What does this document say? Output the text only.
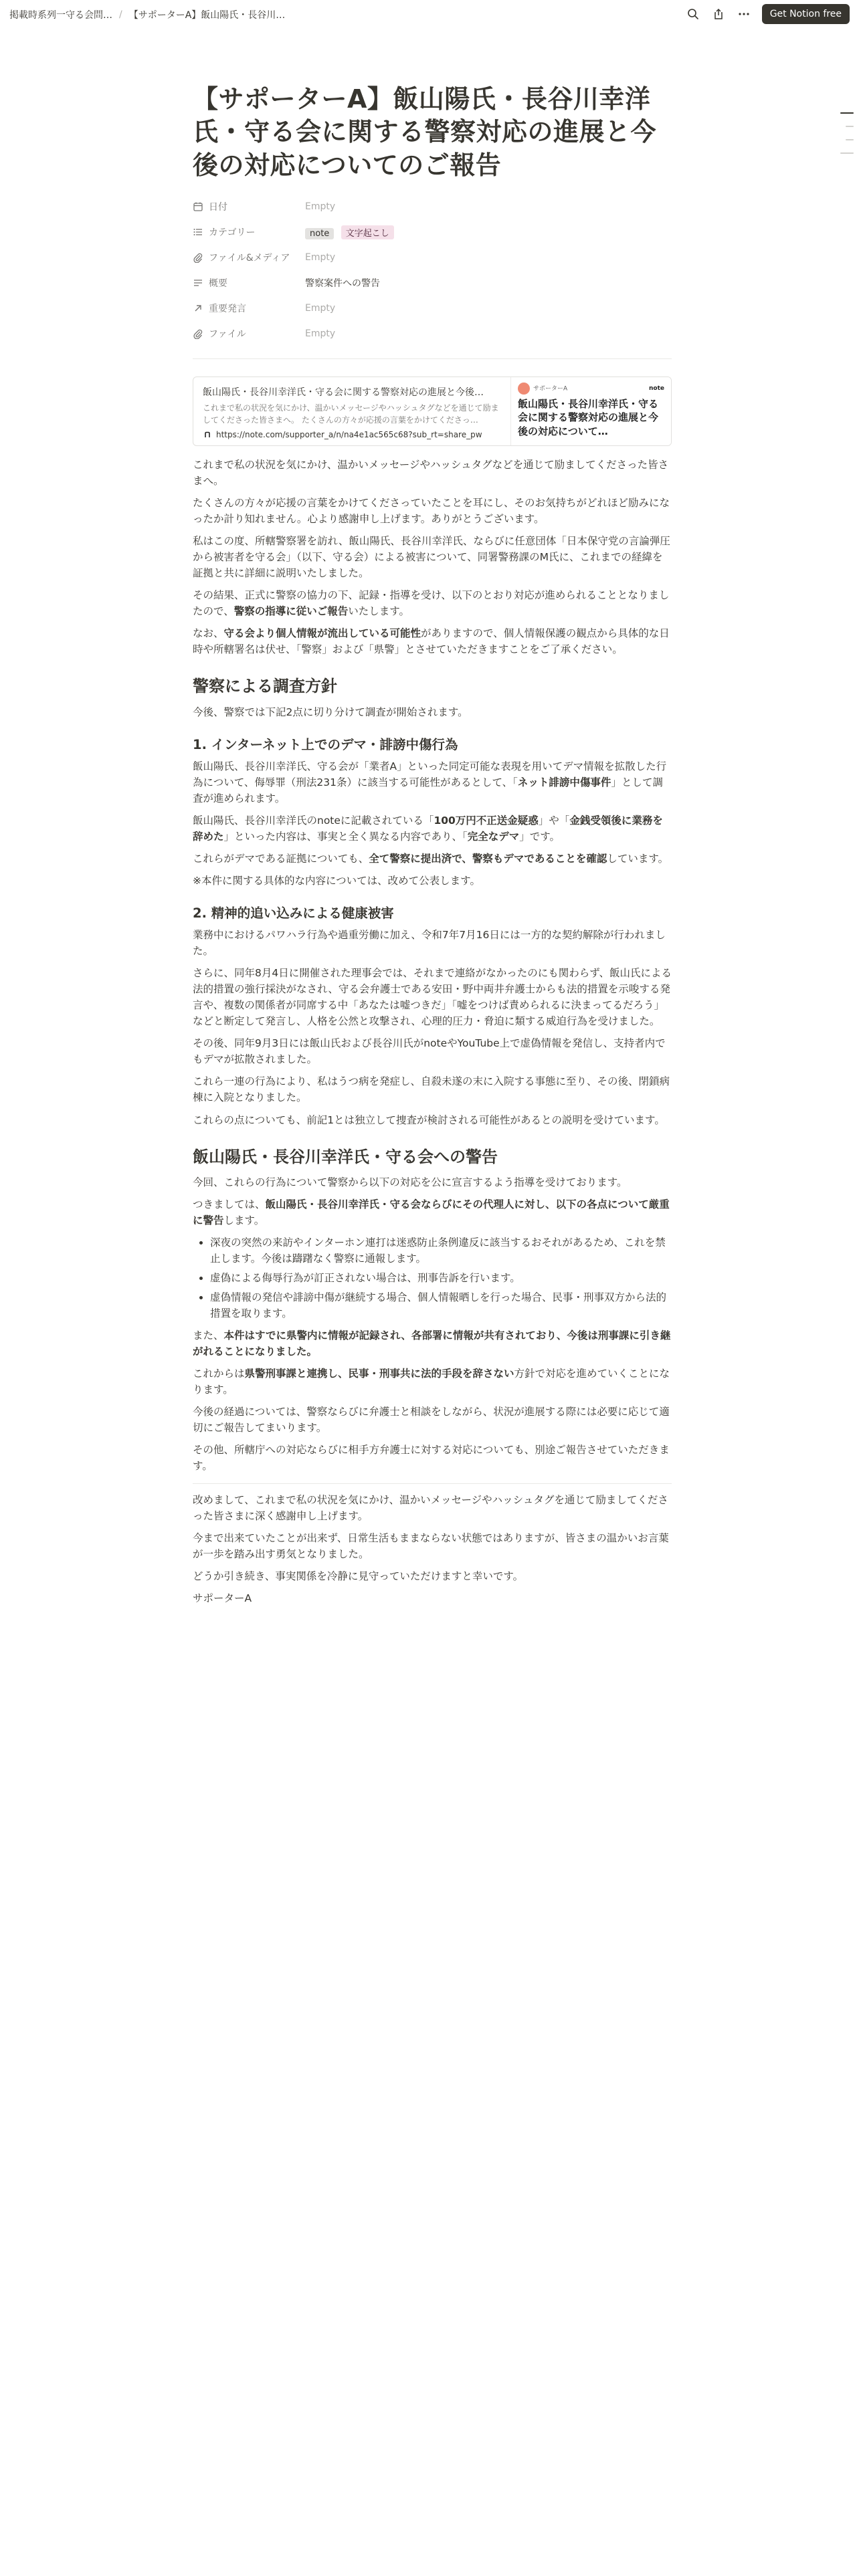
掲載時系列一守る会問… / 【サポーターA】飯山陽氏・長谷川…	Get Notion free
【サポーターA】飯山陽氏・長谷川幸洋氏・守る会に関する警察対応の進展と今後の対応についてのご報告
日付	Empty
カテゴリー	note 文字起こし
ファイル&メディア Empty
概要	警察案件への警告
重要発言	Empty
ファイル	Empty
飯山陽氏・長谷川幸洋氏・守る会に関する警察対応の進展と今後…
これまで私の状況を気にかけ、温かいメッセージやハッシュタグなどを通じて励ましてくださった皆さまへ。 たくさんの方々が応援の言葉をかけてくださっ…
https://note.com/supporter_a/n/na4e1ac565c68?sub_rt=share_pw
サポーターA	note
飯山陽氏・長谷川幸洋氏・守る会に関する警察対応の進展と今後の対応について…

これまで私の状況を気にかけ、温かいメッセージやハッシュタグなどを通じて励ましてくださった皆さまへ。

たくさんの方々が応援の言葉をかけてくださっていたことを耳にし、そのお気持ちがどれほど励みになったか計り知れません。心より感謝申し上げます。ありがとうございます。

私はこの度、所轄警察署を訪れ、飯山陽氏、長谷川幸洋氏、ならびに任意団体「日本保守党の言論弾圧から被害者を守る会」（以下、守る会）による被害について、同署警務課のM氏に、これまでの経緯を証拠と共に詳細に説明いたしました。

その結果、正式に警察の協力の下、記録・指導を受け、以下のとおり対応が進められることとなりましたので、警察の指導に従いご報告いたします。

なお、守る会より個人情報が流出している可能性がありますので、個人情報保護の観点から具体的な日時や所轄署名は伏せ、「警察」および「県警」とさせていただきますことをご了承ください。

警察による調査方針

今後、警察では下記2点に切り分けて調査が開始されます。

1. インターネット上でのデマ・誹謗中傷行為

飯山陽氏、長谷川幸洋氏、守る会が「業者A」といった同定可能な表現を用いてデマ情報を拡散した行為について、侮辱罪（刑法231条）に該当する可能性があるとして、「ネット誹謗中傷事件」として調査が進められます。

飯山陽氏、長谷川幸洋氏のnoteに記載されている「100万円不正送金疑惑」や「金銭受領後に業務を辞めた」といった内容は、事実と全く異なる内容であり、「完全なデマ」です。

これらがデマである証拠についても、全て警察に提出済で、警察もデマであることを確認しています。

※本件に関する具体的な内容については、改めて公表します。

2. 精神的追い込みによる健康被害

業務中におけるパワハラ行為や過重労働に加え、令和7年7月16日には一方的な契約解除が行われました。

さらに、同年8月4日に開催された理事会では、それまで連絡がなかったのにも関わらず、飯山氏による法的措置の強行採決がなされ、守る会弁護士である安田・野中両井弁護士からも法的措置を示唆する発言や、複数の関係者が同席する中「あなたは嘘つきだ」「嘘をつけば責められるに決まってるだろう」などと断定して発言し、人格を公然と攻撃され、心理的圧力・脅迫に類する威迫行為を受けました。

その後、同年9月3日には飯山氏および長谷川氏がnoteやYouTube上で虚偽情報を発信し、支持者内でもデマが拡散されました。

これら一連の行為により、私はうつ病を発症し、自殺未遂の末に入院する事態に至り、その後、閉鎖病棟に入院となりました。

これらの点についても、前記1とは独立して捜査が検討される可能性があるとの説明を受けています。

飯山陽氏・長谷川幸洋氏・守る会への警告

今回、これらの行為について警察から以下の対応を公に宣言するよう指導を受けております。

つきましては、飯山陽氏・長谷川幸洋氏・守る会ならびにその代理人に対し、以下の各点について厳重に警告します。

• 深夜の突然の来訪やインターホン連打は迷惑防止条例違反に該当するおそれがあるため、これを禁止します。今後は躊躇なく警察に通報します。
• 虚偽による侮辱行為が訂正されない場合は、刑事告訴を行います。
• 虚偽情報の発信や誹謗中傷が継続する場合、個人情報晒しを行った場合、民事・刑事双方から法的措置を取ります。

また、本件はすでに県警内に情報が記録され、各部署に情報が共有されており、今後は刑事課に引き継がれることになりました。

これからは県警刑事課と連携し、民事・刑事共に法的手段を辞さない方針で対応を進めていくことになります。

今後の経過については、警察ならびに弁護士と相談をしながら、状況が進展する際には必要に応じて適切にご報告してまいります。

その他、所轄庁への対応ならびに相手方弁護士に対する対応についても、別途ご報告させていただきます。

改めまして、これまで私の状況を気にかけ、温かいメッセージやハッシュタグを通じて励ましてくださった皆さまに深く感謝申し上げます。

今まで出来ていたことが出来ず、日常生活もままならない状態ではありますが、皆さまの温かいお言葉が一歩を踏み出す勇気となりました。

どうか引き続き、事実関係を冷静に見守っていただけますと幸いです。

サポーターA
